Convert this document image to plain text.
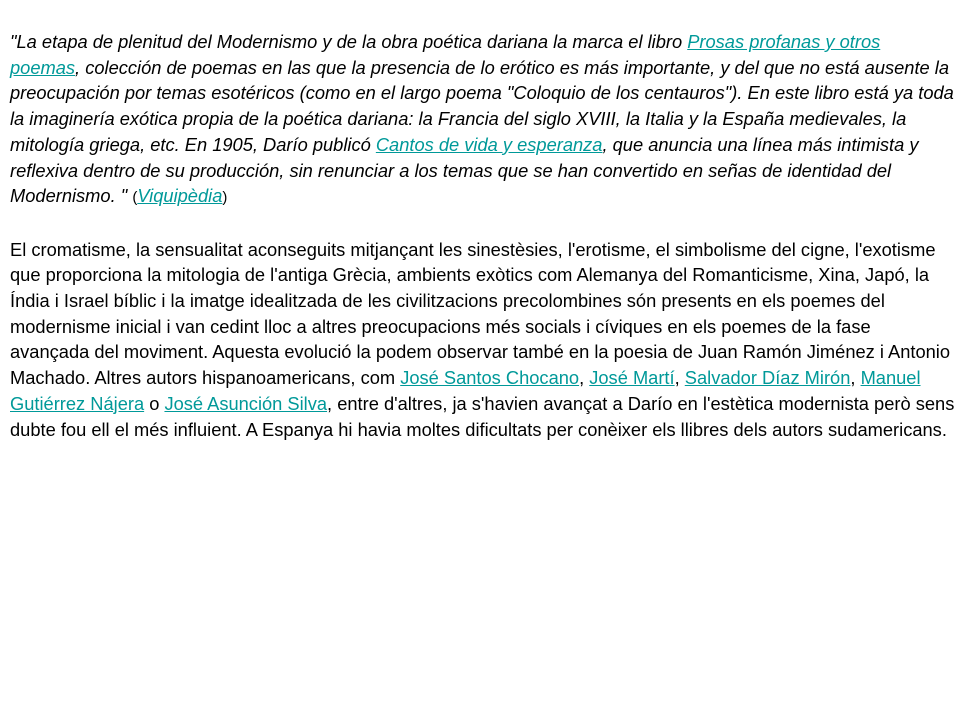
"La etapa de plenitud del Modernismo y de la obra poética dariana la marca el libro Prosas profanas y otros poemas, colección de poemas en las que la presencia de lo erótico es más importante, y del que no está ausente la preocupación por temas esotéricos (como en el largo poema "Coloquio de los centauros"). En este libro está ya toda la imaginería exótica propia de la poética dariana: la Francia del siglo XVIII, la Italia y la España medievales, la mitología griega, etc. En 1905, Darío publicó Cantos de vida y esperanza, que anuncia una línea más intimista y reflexiva dentro de su producción, sin renunciar a los temas que se han convertido en señas de identidad del Modernismo. " (Viquipèdia)

El cromatisme, la sensualitat aconseguits mitjançant les sinestèsies, l'erotisme, el simbolisme del cigne, l'exotisme que proporciona la mitologia de l'antiga Grècia, ambients exòtics com Alemanya del Romanticisme, Xina, Japó, la Índia i Israel bíblic i la imatge idealitzada de les civilitzacions precolombines són presents en els poemes del modernisme inicial i van cedint lloc a altres preocupacions més socials i cíviques en els poemes de la fase avançada del moviment. Aquesta evolució la podem observar també en la poesia de Juan Ramón Jiménez i Antonio Machado. Altres autors hispanoamericans, com José Santos Chocano, José Martí, Salvador Díaz Mirón, Manuel Gutiérrez Nájera o José Asunción Silva, entre d'altres, ja s'havien avançat a Darío en l'estètica modernista però sens dubte fou ell el més influient. A Espanya hi havia moltes dificultats per conèixer els llibres dels autors sudamericans.
